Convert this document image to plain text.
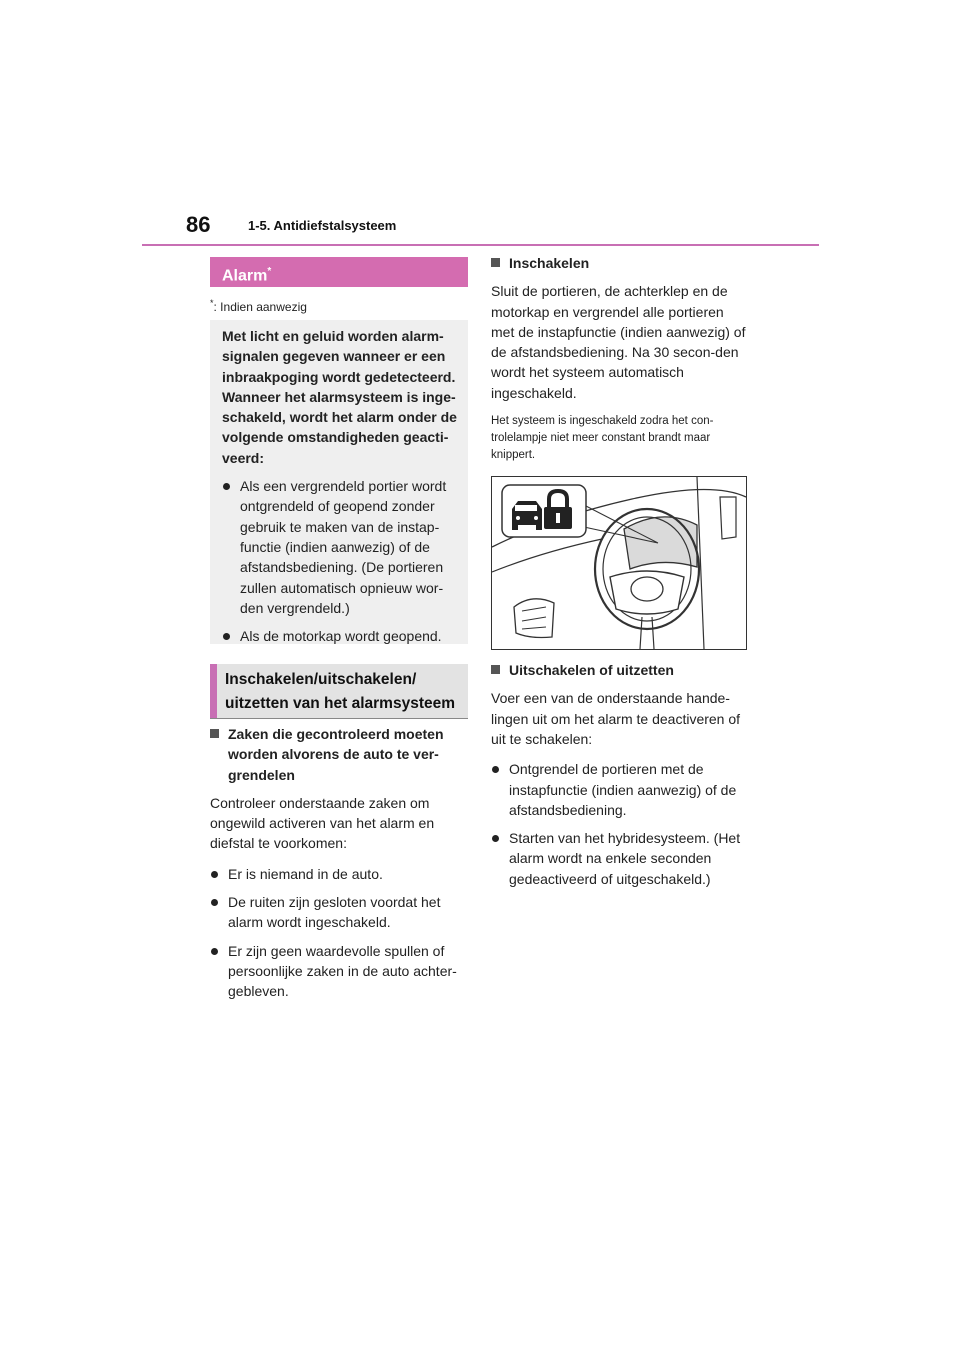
86	1-5. Antidiefstalsysteem
Alarm*
*: Indien aanwezig

Met licht en geluid worden alarm-signalen gegeven wanneer er een inbraakpoging wordt gedetecteerd. Wanneer het alarmsysteem is inge-schakeld, wordt het alarm onder de volgende omstandigheden geacti-veerd:

Als een vergrendeld portier wordt ontgrendeld of geopend zonder gebruik te maken van de instap-functie (indien aanwezig) of de afstandsbediening. (De portieren zullen automatisch opnieuw wor-den vergrendeld.)
Als de motorkap wordt geopend.
Inschakelen/uitschakelen/ uitzetten van het alarmsysteem
Zaken die gecontroleerd moeten worden alvorens de auto te ver-grendelen

Controleer onderstaande zaken om ongewild activeren van het alarm en diefstal te voorkomen:

Er is niemand in de auto.
De ruiten zijn gesloten voordat het alarm wordt ingeschakeld.
Er zijn geen waardevolle spullen of persoonlijke zaken in de auto achter-gebleven.
Inschakelen

Sluit de portieren, de achterklep en de motorkap en vergrendel alle portieren met de instapfunctie (indien aanwezig) of de afstandsbediening. Na 30 secon-den wordt het systeem automatisch ingeschakeld.

Het systeem is ingeschakeld zodra het con-trolelampje niet meer constant brandt maar knippert.

Uitschakelen of uitzetten

Voer een van de onderstaande hande-lingen uit om het alarm te deactiveren of uit te schakelen:

Ontgrendel de portieren met de instapfunctie (indien aanwezig) of de afstandsbediening.
Starten van het hybridesysteem. (Het alarm wordt na enkele seconden gedeactiveerd of uitgeschakeld.)
